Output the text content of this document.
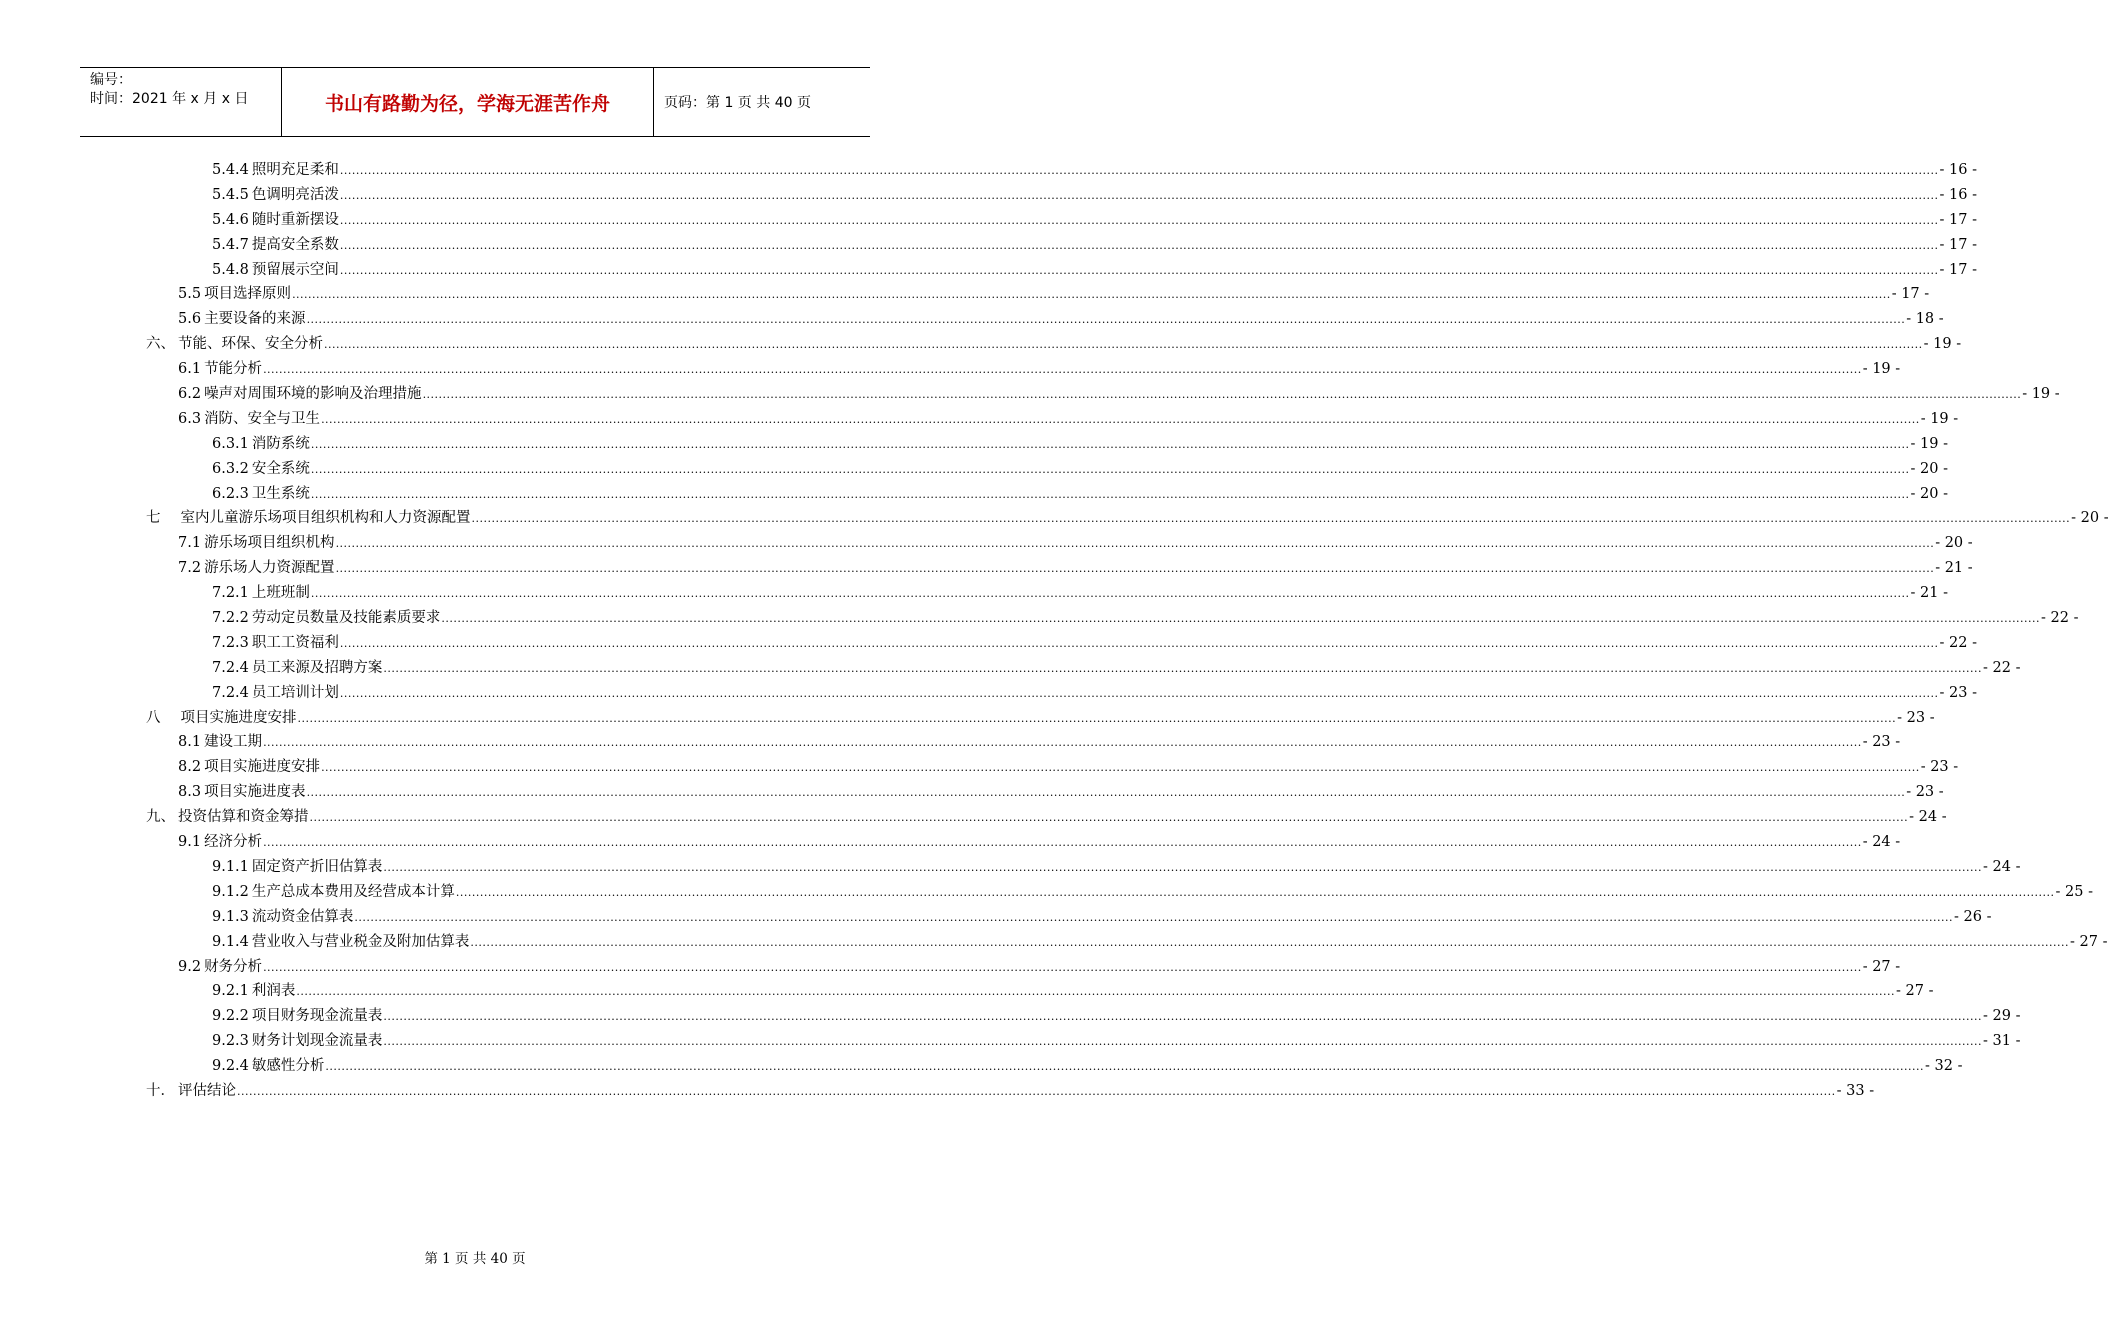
编号：
时间：2021 年 x 月 x 日	书山有路勤为径，学海无涯苦作舟	页码：第 1 页 共 40 页
5.4.4 照明充足柔和 ................................................................................................................................................................................................................................................................................................................................................................................................................ - 16 -
5.4.5 色调明亮活泼 ................................................................................................................................................................................................................................................................................................................................................................................................................ - 16 -
5.4.6 随时重新摆设 ................................................................................................................................................................................................................................................................................................................................................................................................................ - 17 -
5.4.7 提高安全系数 ................................................................................................................................................................................................................................................................................................................................................................................................................ - 17 -
5.4.8 预留展示空间 ................................................................................................................................................................................................................................................................................................................................................................................................................ - 17 -
5.5 项目选择原则 ................................................................................................................................................................................................................................................................................................................................................................................................................ - 17 -
5.6 主要设备的来源 ................................................................................................................................................................................................................................................................................................................................................................................................................ - 18 -
六、 节能、环保、安全分析 ................................................................................................................................................................................................................................................................................................................................................................................................................ - 19 -
6.1 节能分析 ................................................................................................................................................................................................................................................................................................................................................................................................................ - 19 -
6.2 噪声对周围环境的影响及治理措施 ................................................................................................................................................................................................................................................................................................................................................................................................................ - 19 -
6.3 消防、安全与卫生 ................................................................................................................................................................................................................................................................................................................................................................................................................ - 19 -
6.3.1 消防系统 ................................................................................................................................................................................................................................................................................................................................................................................................................ - 19 -
6.3.2 安全系统 ................................................................................................................................................................................................................................................................................................................................................................................................................ - 20 -
6.2.3 卫生系统 ................................................................................................................................................................................................................................................................................................................................................................................................................ - 20 -
七 室内儿童游乐场项目组织机构和人力资源配置 ................................................................................................................................................................................................................................................................................................................................................................................................................ - 20 -
7.1 游乐场项目组织机构 ................................................................................................................................................................................................................................................................................................................................................................................................................ - 20 -
7.2 游乐场人力资源配置 ................................................................................................................................................................................................................................................................................................................................................................................................................ - 21 -
7.2.1 上班班制 ................................................................................................................................................................................................................................................................................................................................................................................................................ - 21 -
7.2.2 劳动定员数量及技能素质要求 ................................................................................................................................................................................................................................................................................................................................................................................................................ - 22 -
7.2.3 职工工资福利 ................................................................................................................................................................................................................................................................................................................................................................................................................ - 22 -
7.2.4 员工来源及招聘方案 ................................................................................................................................................................................................................................................................................................................................................................................................................ - 22 -
7.2.4 员工培训计划 ................................................................................................................................................................................................................................................................................................................................................................................................................ - 23 -
八 项目实施进度安排 ................................................................................................................................................................................................................................................................................................................................................................................................................ - 23 -
8.1 建设工期 ................................................................................................................................................................................................................................................................................................................................................................................................................ - 23 -
8.2 项目实施进度安排 ................................................................................................................................................................................................................................................................................................................................................................................................................ - 23 -
8.3 项目实施进度表 ................................................................................................................................................................................................................................................................................................................................................................................................................ - 23 -
九、 投资估算和资金筹措 ................................................................................................................................................................................................................................................................................................................................................................................................................ - 24 -
9.1 经济分析 ................................................................................................................................................................................................................................................................................................................................................................................................................ - 24 -
9.1.1 固定资产折旧估算表 ................................................................................................................................................................................................................................................................................................................................................................................................................ - 24 -
9.1.2 生产总成本费用及经营成本计算 ................................................................................................................................................................................................................................................................................................................................................................................................................ - 25 -
9.1.3 流动资金估算表 ................................................................................................................................................................................................................................................................................................................................................................................................................ - 26 -
9.1.4 营业收入与营业税金及附加估算表 ................................................................................................................................................................................................................................................................................................................................................................................................................ - 27 -
9.2 财务分析 ................................................................................................................................................................................................................................................................................................................................................................................................................ - 27 -
9.2.1 利润表 ................................................................................................................................................................................................................................................................................................................................................................................................................ - 27 -
9.2.2 项目财务现金流量表 ................................................................................................................................................................................................................................................................................................................................................................................................................ - 29 -
9.2.3 财务计划现金流量表 ................................................................................................................................................................................................................................................................................................................................................................................................................ - 31 -
9.2.4 敏感性分析 ................................................................................................................................................................................................................................................................................................................................................................................................................ - 32 -
十． 评估结论 ................................................................................................................................................................................................................................................................................................................................................................................................................ - 33 -
第 1 页 共 40 页
